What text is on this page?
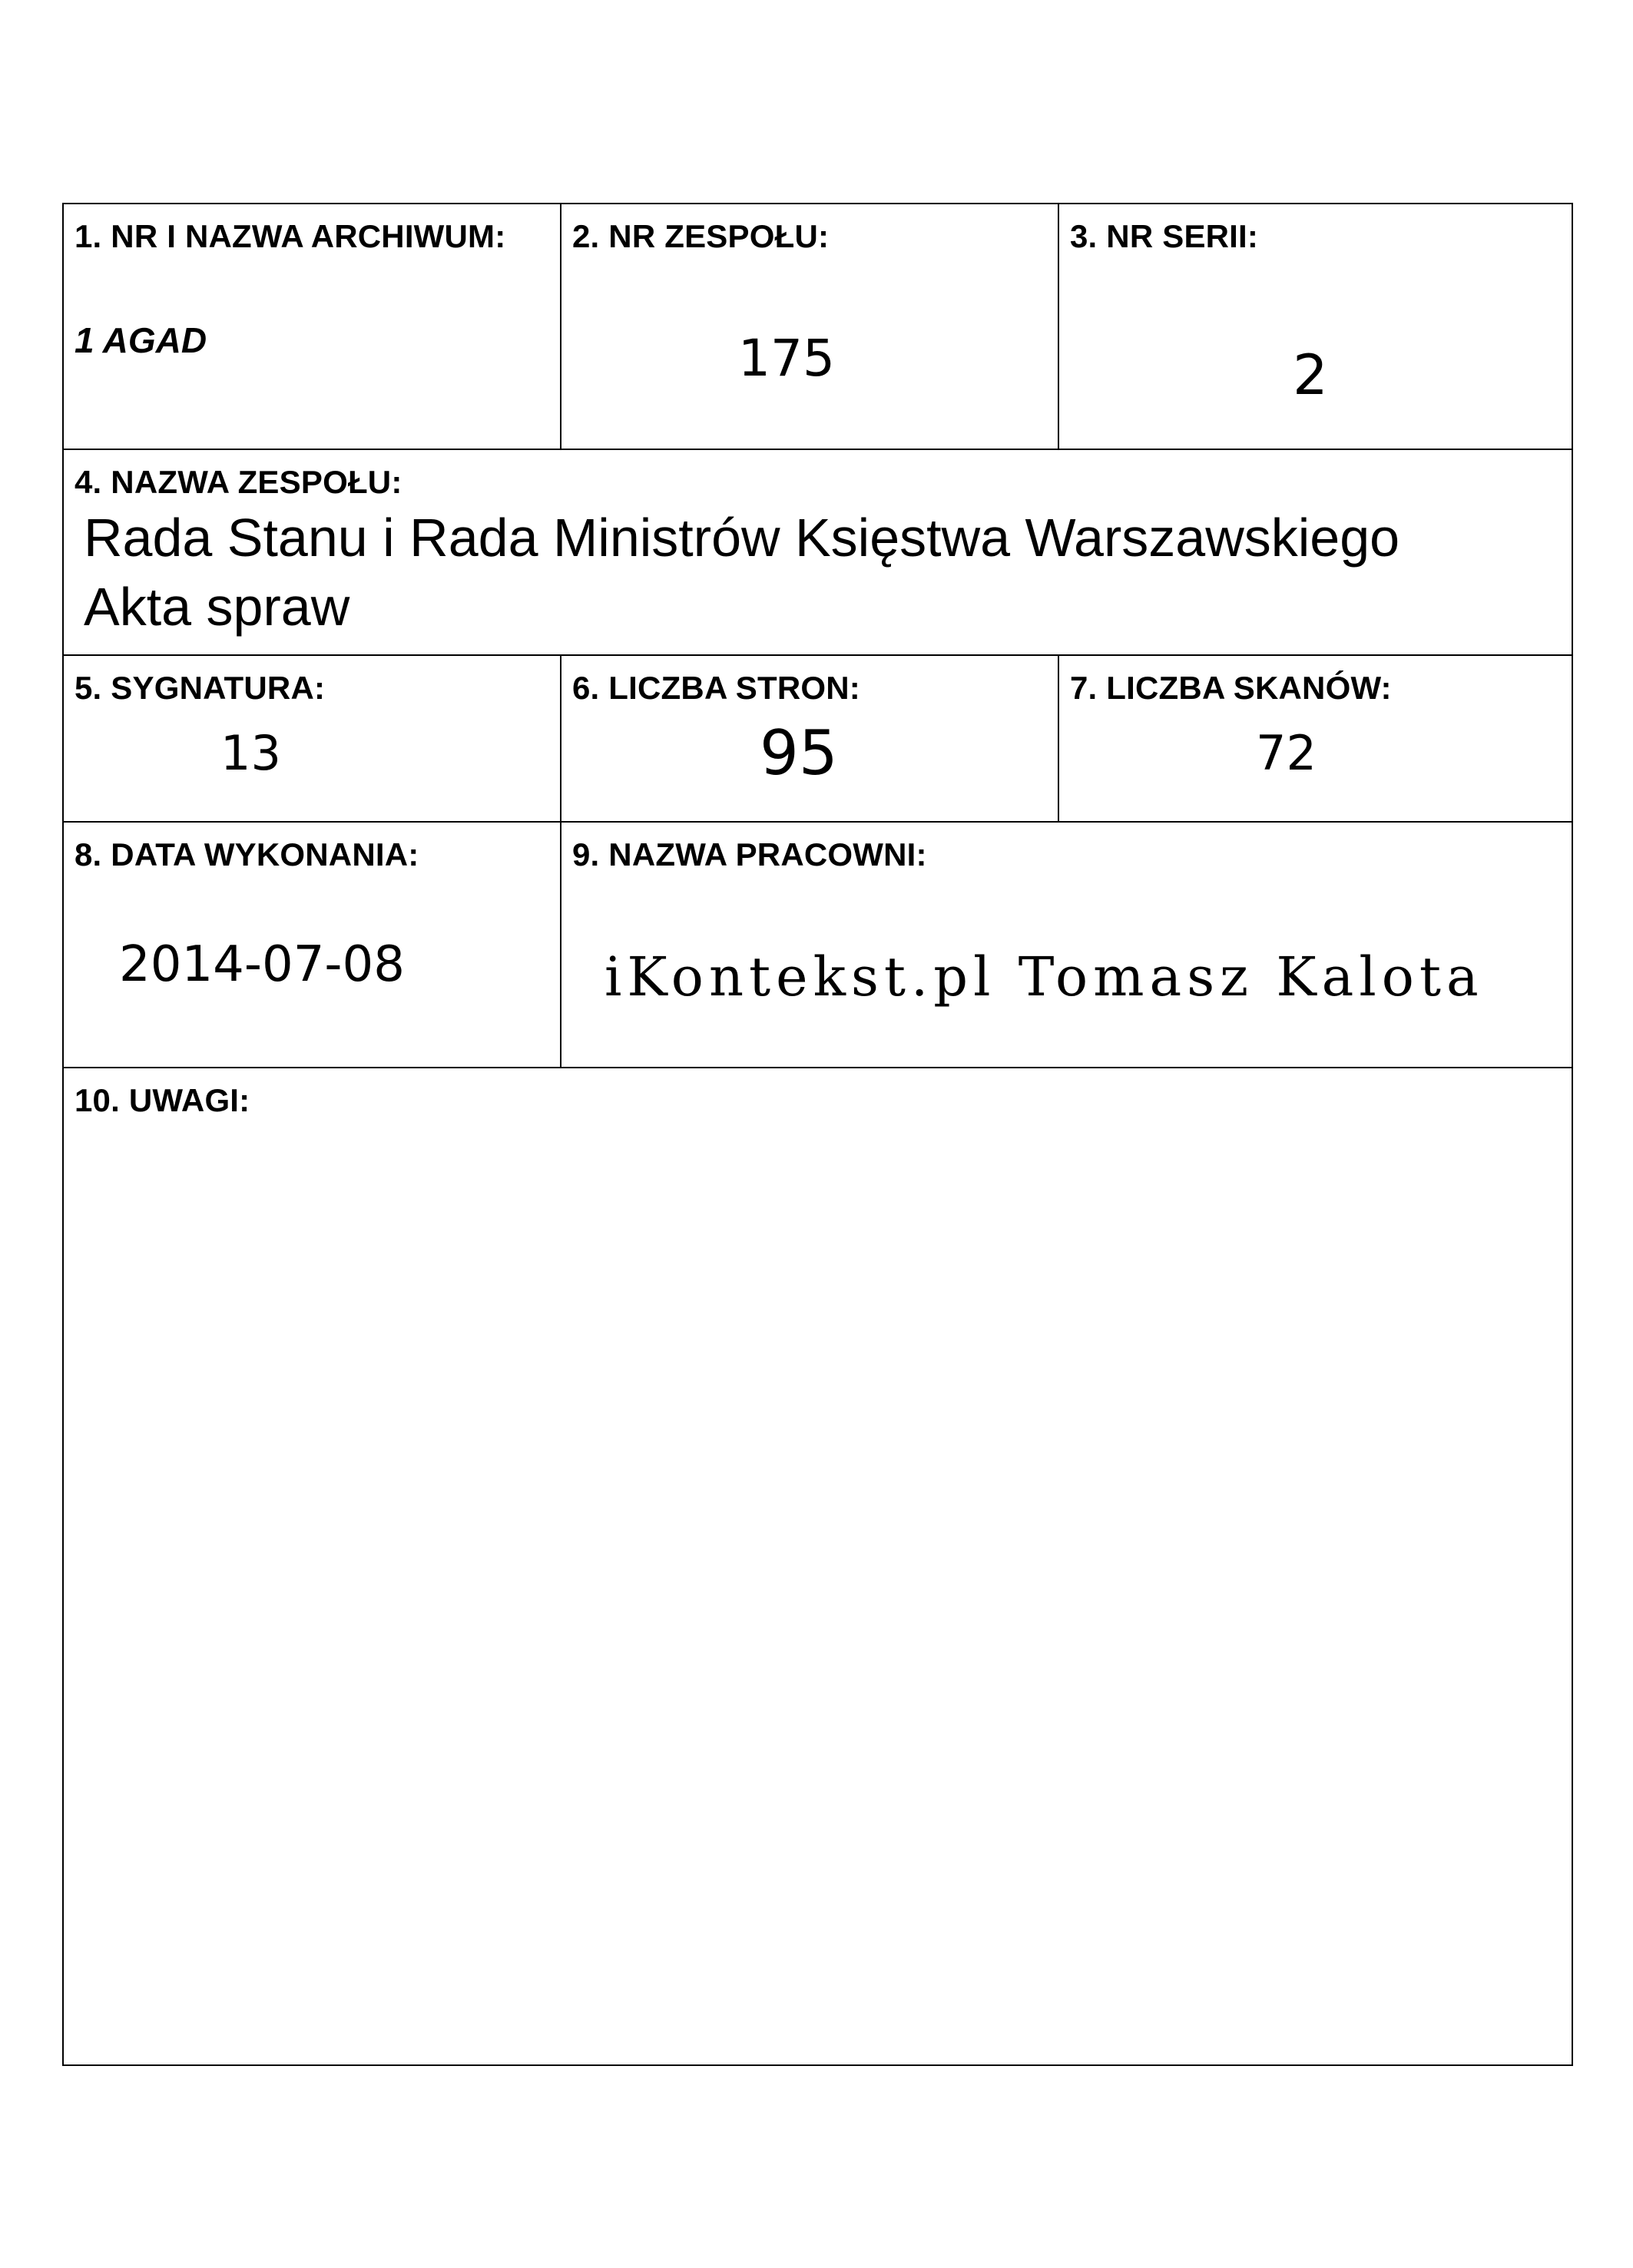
1. NR I NAZWA ARCHIWUM:
1 AGAD
2. NR ZESPOŁU:
175
3. NR SERII:
2
4. NAZWA ZESPOŁU:
Rada Stanu i Rada Ministrów Księstwa Warszawskiego
Akta spraw
5. SYGNATURA:
13
6. LICZBA STRON:
95
7. LICZBA SKANÓW:
72
8. DATA WYKONANIA:
2014-07-08
9. NAZWA PRACOWNI:
iKontekst.pl Tomasz Kalota
10. UWAGI:
